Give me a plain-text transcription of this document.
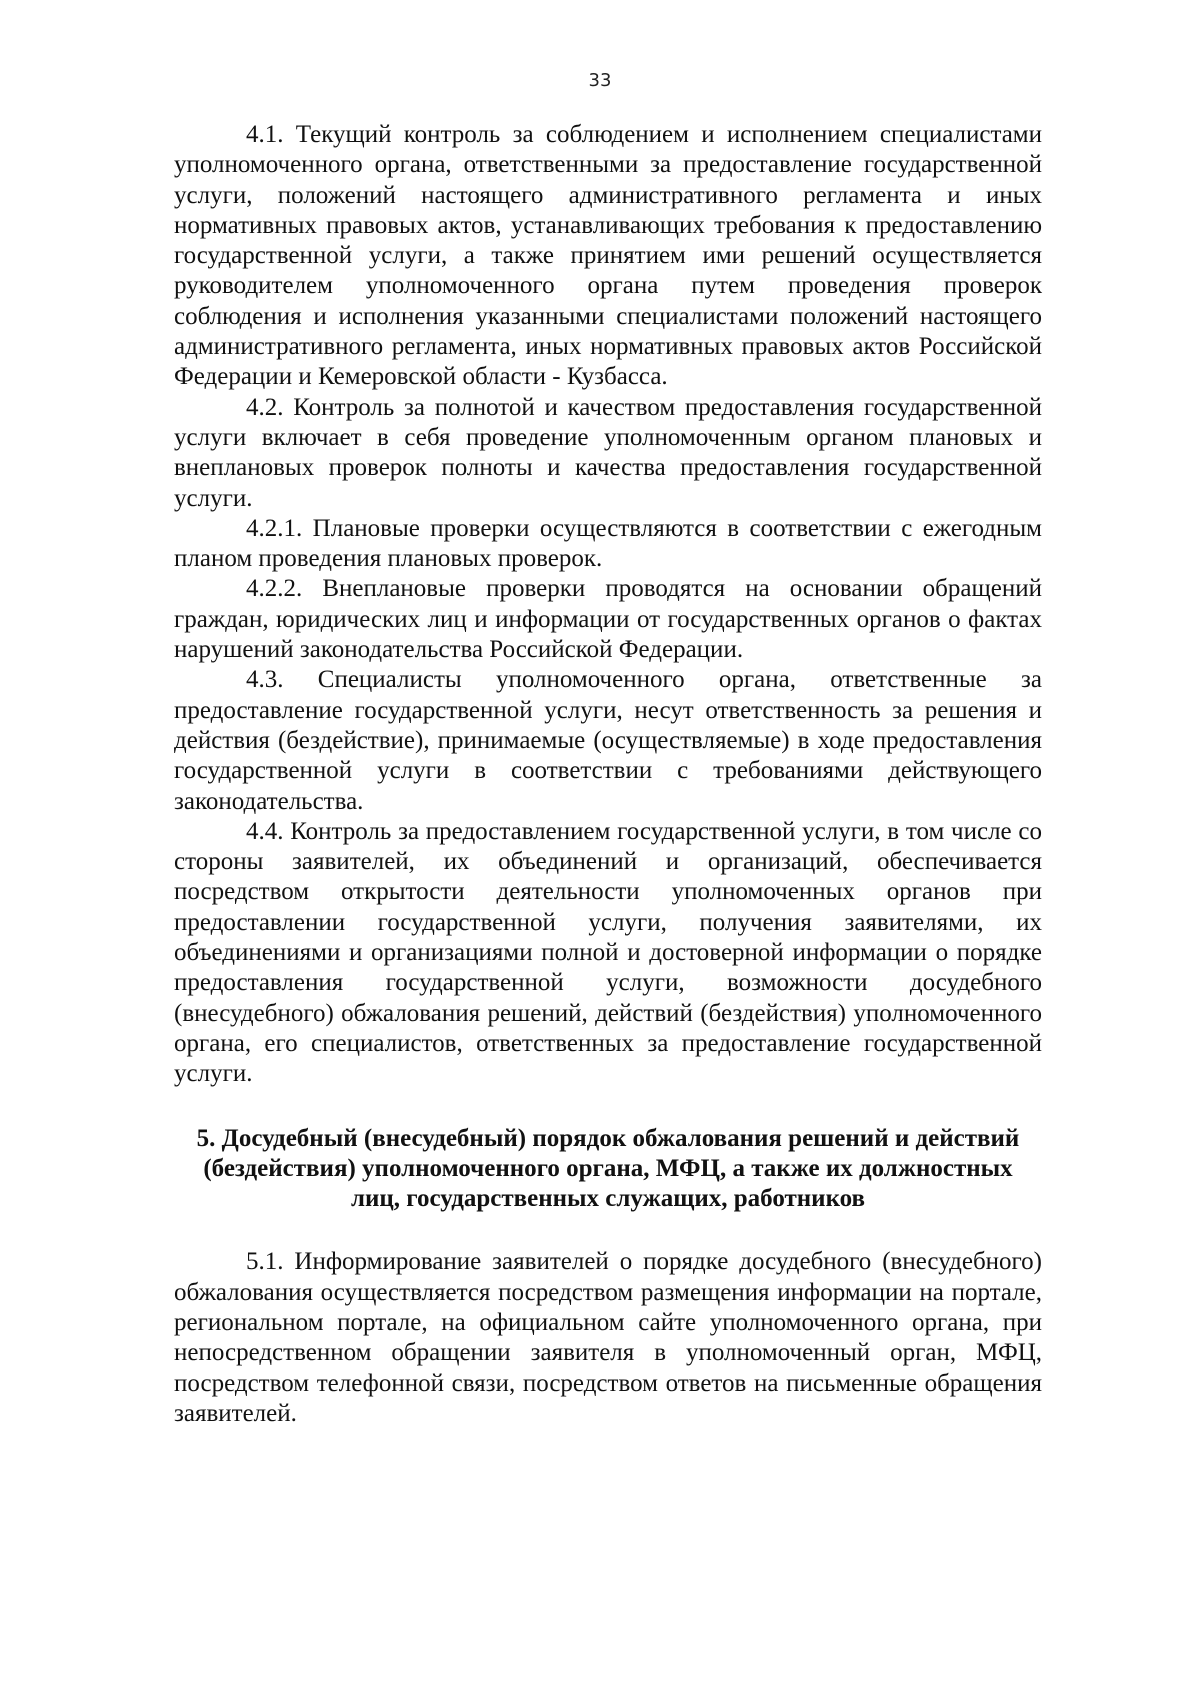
33

4.1. Текущий контроль за соблюдением и исполнением специалистами уполномоченного органа, ответственными за предоставление государственной услуги, положений настоящего административного регламента и иных нормативных правовых актов, устанавливающих требования к предоставлению государственной услуги, а также принятием ими решений осуществляется руководителем уполномоченного органа путем проведения проверок соблюдения и исполнения указанными специалистами положений настоящего административного регламента, иных нормативных правовых актов Российской Федерации и Кемеровской области - Кузбасса.

4.2. Контроль за полнотой и качеством предоставления государственной услуги включает в себя проведение уполномоченным органом плановых и внеплановых проверок полноты и качества предоставления государственной услуги.

4.2.1. Плановые проверки осуществляются в соответствии с ежегодным планом проведения плановых проверок.

4.2.2. Внеплановые проверки проводятся на основании обращений граждан, юридических лиц и информации от государственных органов о фактах нарушений законодательства Российской Федерации.

4.3. Специалисты уполномоченного органа, ответственные за предоставление государственной услуги, несут ответственность за решения и действия (бездействие), принимаемые (осуществляемые) в ходе предоставления государственной услуги в соответствии с требованиями действующего законодательства.

4.4. Контроль за предоставлением государственной услуги, в том числе со стороны заявителей, их объединений и организаций, обеспечивается посредством открытости деятельности уполномоченных органов при предоставлении государственной услуги, получения заявителями, их объединениями и организациями полной и достоверной информации о порядке предоставления государственной услуги, возможности досудебного (внесудебного) обжалования решений, действий (бездействия) уполномоченного органа, его специалистов, ответственных за предоставление государственной услуги.

5. Досудебный (внесудебный) порядок обжалования решений и действий
(бездействия) уполномоченного органа, МФЦ, а также их должностных
лиц, государственных служащих, работников

5.1. Информирование заявителей о порядке досудебного (внесудебного) обжалования осуществляется посредством размещения информации на портале, региональном портале, на официальном сайте уполномоченного органа, при непосредственном обращении заявителя в уполномоченный орган, МФЦ, посредством телефонной связи, посредством ответов на письменные обращения заявителей.
